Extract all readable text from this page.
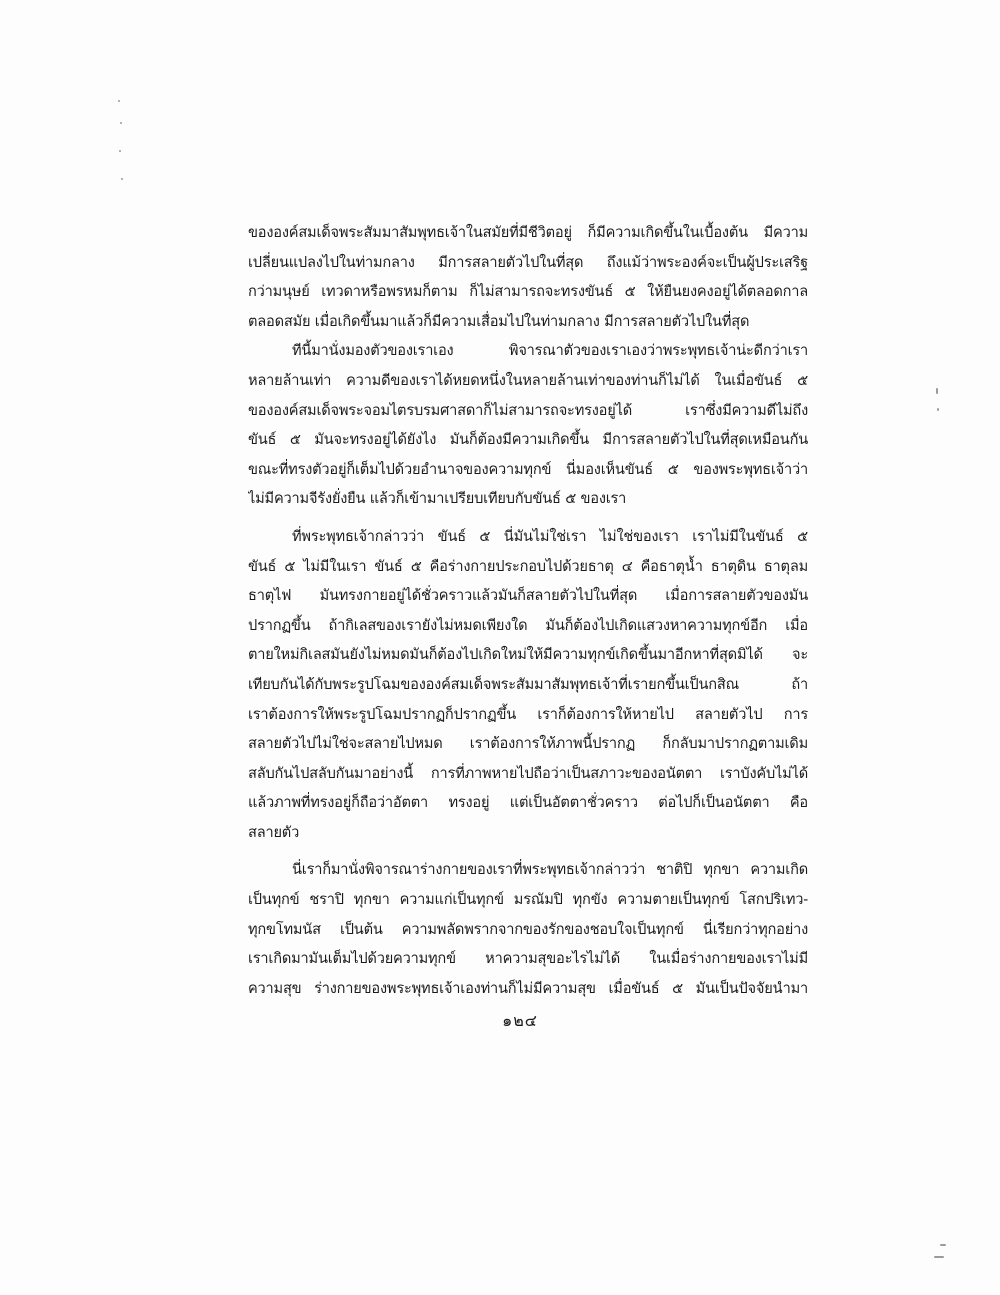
ขององค์สมเด็จพระสัมมาสัมพุทธเจ้าในสมัยที่มีชีวิตอยู่ ก็มีความเกิดขึ้นในเบื้องต้น มีความ
เปลี่ยนแปลงไปในท่ามกลาง มีการสลายตัวไปในที่สุด ถึงแม้ว่าพระองค์จะเป็นผู้ประเสริฐ
กว่ามนุษย์ เทวดาหรือพรหมก็ตาม ก็ไม่สามารถจะทรงขันธ์ ๕ ให้ยืนยงคงอยู่ได้ตลอดกาล
ตลอดสมัย เมื่อเกิดขึ้นมาแล้วก็มีความเสื่อมไปในท่ามกลาง มีการสลายตัวไปในที่สุด
ทีนี้มานั่งมองตัวของเราเอง พิจารณาตัวของเราเองว่าพระพุทธเจ้าน่ะดีกว่าเรา
หลายล้านเท่า ความดีของเราได้หยดหนึ่งในหลายล้านเท่าของท่านก็ไม่ได้ ในเมื่อขันธ์ ๕
ขององค์สมเด็จพระจอมไตรบรมศาสดาก็ไม่สามารถจะทรงอยู่ได้ เราซึ่งมีความดีไม่ถึง
ขันธ์ ๕ มันจะทรงอยู่ได้ยังไง มันก็ต้องมีความเกิดขึ้น มีการสลายตัวไปในที่สุดเหมือนกัน
ขณะที่ทรงตัวอยู่ก็เต็มไปด้วยอำนาจของความทุกข์ นี่มองเห็นขันธ์ ๕ ของพระพุทธเจ้าว่า
ไม่มีความจีรังยั่งยืน แล้วก็เข้ามาเปรียบเทียบกับขันธ์ ๕ ของเรา
ที่พระพุทธเจ้ากล่าวว่า ขันธ์ ๕ นี่มันไม่ใช่เรา ไม่ใช่ของเรา เราไม่มีในขันธ์ ๕
ขันธ์ ๕ ไม่มีในเรา ขันธ์ ๕ คือร่างกายประกอบไปด้วยธาตุ ๔ คือธาตุน้ำ ธาตุดิน ธาตุลม
ธาตุไฟ มันทรงกายอยู่ได้ชั่วคราวแล้วมันก็สลายตัวไปในที่สุด เมื่อการสลายตัวของมัน
ปรากฏขึ้น ถ้ากิเลสของเรายังไม่หมดเพียงใด มันก็ต้องไปเกิดแสวงหาความทุกข์อีก เมื่อ
ตายใหม่กิเลสมันยังไม่หมดมันก็ต้องไปเกิดใหม่ให้มีความทุกข์เกิดขึ้นมาอีกหาที่สุดมิได้ จะ
เทียบกันได้กับพระรูปโฉมขององค์สมเด็จพระสัมมาสัมพุทธเจ้าที่เรายกขึ้นเป็นกสิณ ถ้า
เราต้องการให้พระรูปโฉมปรากฏก็ปรากฏขึ้น เราก็ต้องการให้หายไป สลายตัวไป การ
สลายตัวไปไม่ใช่จะสลายไปหมด เราต้องการให้ภาพนี้ปรากฏ ก็กลับมาปรากฏตามเดิม
สลับกันไปสลับกันมาอย่างนี้ การที่ภาพหายไปถือว่าเป็นสภาวะของอนัตตา เราบังคับไม่ได้
แล้วภาพที่ทรงอยู่ก็ถือว่าอัตตา ทรงอยู่ แต่เป็นอัตตาชั่วคราว ต่อไปก็เป็นอนัตตา คือ
สลายตัว
นี่เราก็มานั่งพิจารณาร่างกายของเราที่พระพุทธเจ้ากล่าวว่า ชาติปิ ทุกขา ความเกิด
เป็นทุกข์ ชราปิ ทุกขา ความแก่เป็นทุกข์ มรณัมปิ ทุกขัง ความตายเป็นทุกข์ โสกปริเทว-
ทุกขโทมนัส เป็นต้น ความพลัดพรากจากของรักของชอบใจเป็นทุกข์ นี่เรียกว่าทุกอย่าง
เราเกิดมามันเต็มไปด้วยความทุกข์ หาความสุขอะไรไม่ได้ ในเมื่อร่างกายของเราไม่มี
ความสุข ร่างกายของพระพุทธเจ้าเองท่านก็ไม่มีความสุข เมื่อขันธ์ ๕ มันเป็นปัจจัยนำมา
๑๒๔
